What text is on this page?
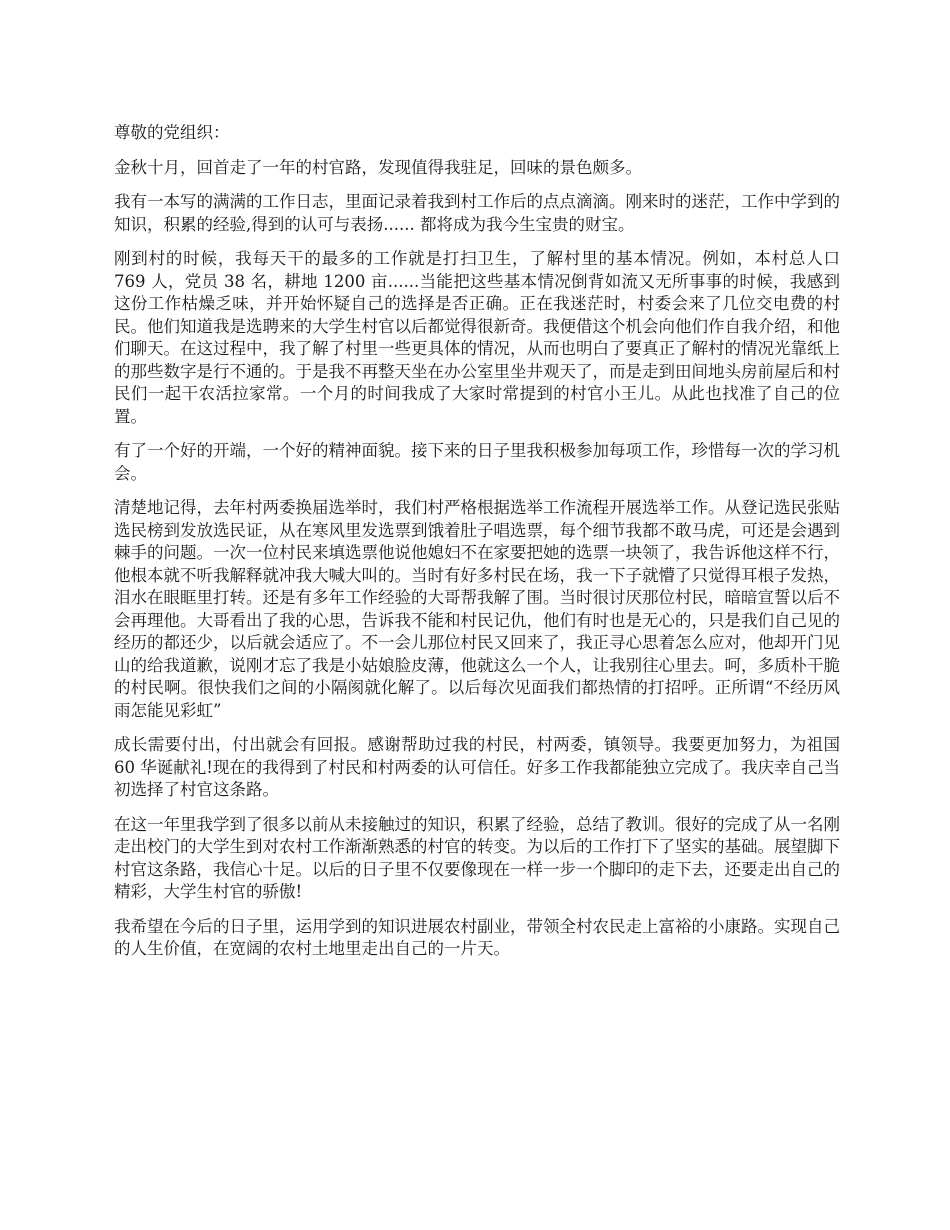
尊敬的党组织：

金秋十月，回首走了一年的村官路，发现值得我驻足，回味的景色颇多。

我有一本写的满满的工作日志，里面记录着我到村工作后的点点滴滴。刚来时的迷茫，工作中学到的知识，积累的经验,得到的认可与表扬...... 都将成为我今生宝贵的财宝。

刚到村的时候，我每天干的最多的工作就是打扫卫生，了解村里的基本情况。例如，本村总人口 769 人，党员 38 名，耕地 1200 亩......当能把这些基本情况倒背如流又无所事事的时候，我感到这份工作枯燥乏味，并开始怀疑自己的选择是否正确。正在我迷茫时，村委会来了几位交电费的村民。他们知道我是选聘来的大学生村官以后都觉得很新奇。我便借这个机会向他们作自我介绍，和他们聊天。在这过程中，我了解了村里一些更具体的情况，从而也明白了要真正了解村的情况光靠纸上的那些数字是行不通的。于是我不再整天坐在办公室里坐井观天了，而是走到田间地头房前屋后和村民们一起干农活拉家常。一个月的时间我成了大家时常提到的村官小王儿。从此也找准了自己的位置。

有了一个好的开端，一个好的精神面貌。接下来的日子里我积极参加每项工作，珍惜每一次的学习机会。

清楚地记得，去年村两委换届选举时，我们村严格根据选举工作流程开展选举工作。从登记选民张贴选民榜到发放选民证，从在寒风里发选票到饿着肚子唱选票，每个细节我都不敢马虎，可还是会遇到棘手的问题。一次一位村民来填选票他说他媳妇不在家要把她的选票一块领了，我告诉他这样不行，他根本就不听我解释就冲我大喊大叫的。当时有好多村民在场，我一下子就懵了只觉得耳根子发热，泪水在眼眶里打转。还是有多年工作经验的大哥帮我解了围。当时很讨厌那位村民，暗暗宣誓以后不会再理他。大哥看出了我的心思，告诉我不能和村民记仇，他们有时也是无心的，只是我们自己见的经历的都还少，以后就会适应了。不一会儿那位村民又回来了，我正寻心思着怎么应对，他却开门见山的给我道歉，说刚才忘了我是小姑娘脸皮薄，他就这么一个人，让我别往心里去。呵，多质朴干脆的村民啊。很快我们之间的小隔阂就化解了。以后每次见面我们都热情的打招呼。正所谓“不经历风雨怎能见彩虹”

成长需要付出，付出就会有回报。感谢帮助过我的村民，村两委，镇领导。我要更加努力，为祖国 60 华诞献礼!现在的我得到了村民和村两委的认可信任。好多工作我都能独立完成了。我庆幸自己当初选择了村官这条路。

在这一年里我学到了很多以前从未接触过的知识，积累了经验，总结了教训。很好的完成了从一名刚走出校门的大学生到对农村工作渐渐熟悉的村官的转变。为以后的工作打下了坚实的基础。展望脚下村官这条路，我信心十足。以后的日子里不仅要像现在一样一步一个脚印的走下去，还要走出自己的精彩，大学生村官的骄傲!

我希望在今后的日子里，运用学到的知识进展农村副业，带领全村农民走上富裕的小康路。实现自己的人生价值，在宽阔的农村土地里走出自己的一片天。
